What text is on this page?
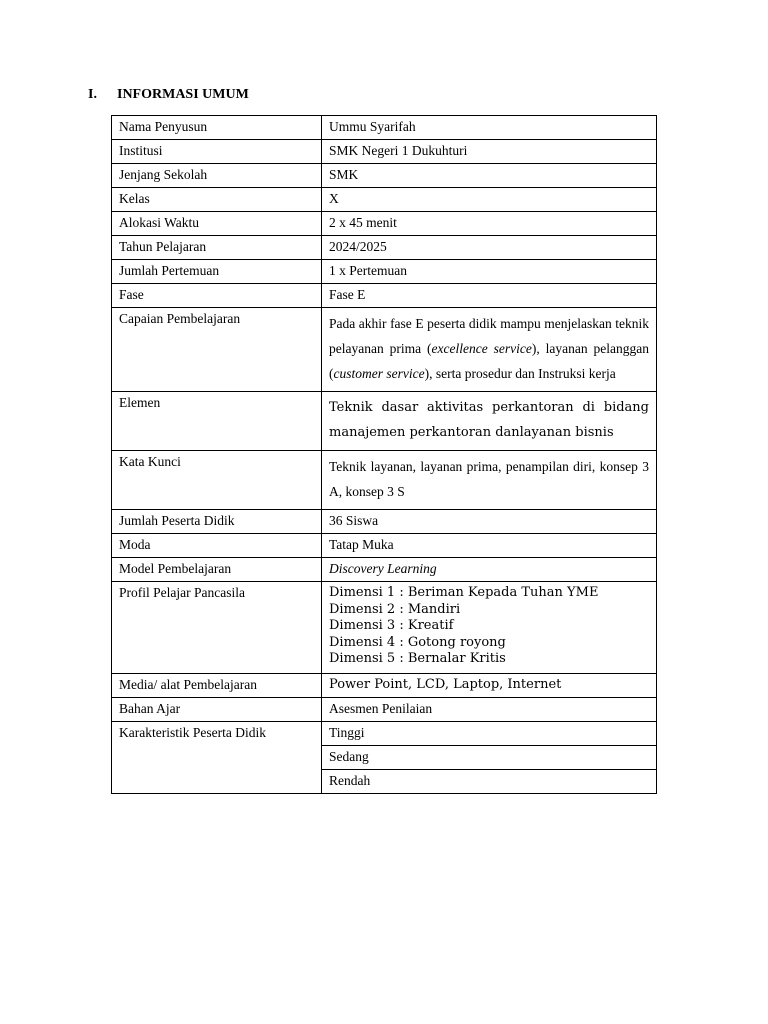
I.	INFORMASI UMUM
Nama Penyusun	Ummu Syarifah
Institusi	SMK Negeri 1 Dukuhturi
Jenjang Sekolah	SMK
Kelas	X
Alokasi Waktu	2 x 45 menit
Tahun Pelajaran	2024/2025
Jumlah Pertemuan	1 x Pertemuan
Fase	Fase E
Capaian Pembelajaran	Pada akhir fase E peserta didik mampu menjelaskan teknik pelayanan prima (excellence service), layanan pelanggan (customer service), serta prosedur dan Instruksi kerja
Elemen	Teknik dasar aktivitas perkantoran di bidang manajemen perkantoran danlayanan bisnis
Kata Kunci	Teknik layanan, layanan prima, penampilan diri, konsep 3 A, konsep 3 S
Jumlah Peserta Didik	36 Siswa
Moda	Tatap Muka
Model Pembelajaran	Discovery Learning
Profil Pelajar Pancasila	Dimensi 1 : Beriman Kepada Tuhan YME
Dimensi 2 : Mandiri
Dimensi 3 : Kreatif
Dimensi 4 : Gotong royong
Dimensi 5 : Bernalar Kritis

Media/ alat Pembelajaran	Power Point, LCD, Laptop, Internet
Bahan Ajar	Asesmen Penilaian
Karakteristik Peserta Didik	Tinggi
	Sedang
	Rendah
